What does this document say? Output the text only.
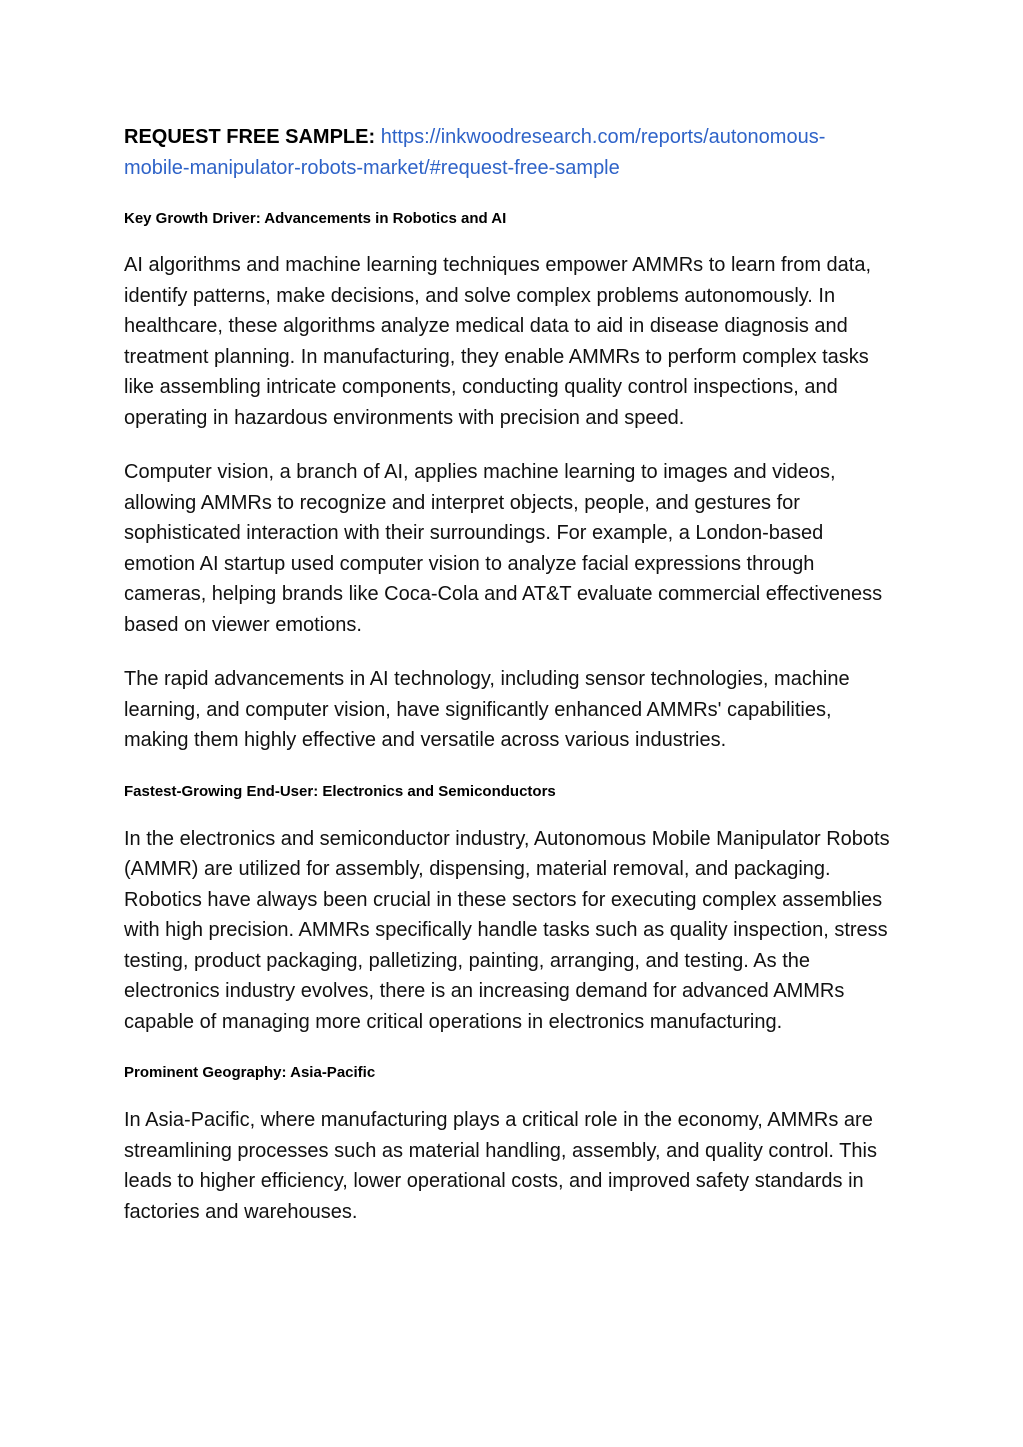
REQUEST FREE SAMPLE: https://inkwoodresearch.com/reports/autonomous-
mobile-manipulator-robots-market/#request-free-sample

Key Growth Driver: Advancements in Robotics and AI

AI algorithms and machine learning techniques empower AMMRs to learn from data, identify patterns, make decisions, and solve complex problems autonomously. In healthcare, these algorithms analyze medical data to aid in disease diagnosis and treatment planning. In manufacturing, they enable AMMRs to perform complex tasks like assembling intricate components, conducting quality control inspections, and operating in hazardous environments with precision and speed.

Computer vision, a branch of AI, applies machine learning to images and videos, allowing AMMRs to recognize and interpret objects, people, and gestures for sophisticated interaction with their surroundings. For example, a London-based emotion AI startup used computer vision to analyze facial expressions through cameras, helping brands like Coca-Cola and AT&T evaluate commercial effectiveness based on viewer emotions.

The rapid advancements in AI technology, including sensor technologies, machine learning, and computer vision, have significantly enhanced AMMRs' capabilities, making them highly effective and versatile across various industries.

Fastest-Growing End-User: Electronics and Semiconductors

In the electronics and semiconductor industry, Autonomous Mobile Manipulator Robots (AMMR) are utilized for assembly, dispensing, material removal, and packaging. Robotics have always been crucial in these sectors for executing complex assemblies with high precision. AMMRs specifically handle tasks such as quality inspection, stress testing, product packaging, palletizing, painting, arranging, and testing. As the electronics industry evolves, there is an increasing demand for advanced AMMRs capable of managing more critical operations in electronics manufacturing.

Prominent Geography: Asia-Pacific

In Asia-Pacific, where manufacturing plays a critical role in the economy, AMMRs are streamlining processes such as material handling, assembly, and quality control. This leads to higher efficiency, lower operational costs, and improved safety standards in factories and warehouses.
